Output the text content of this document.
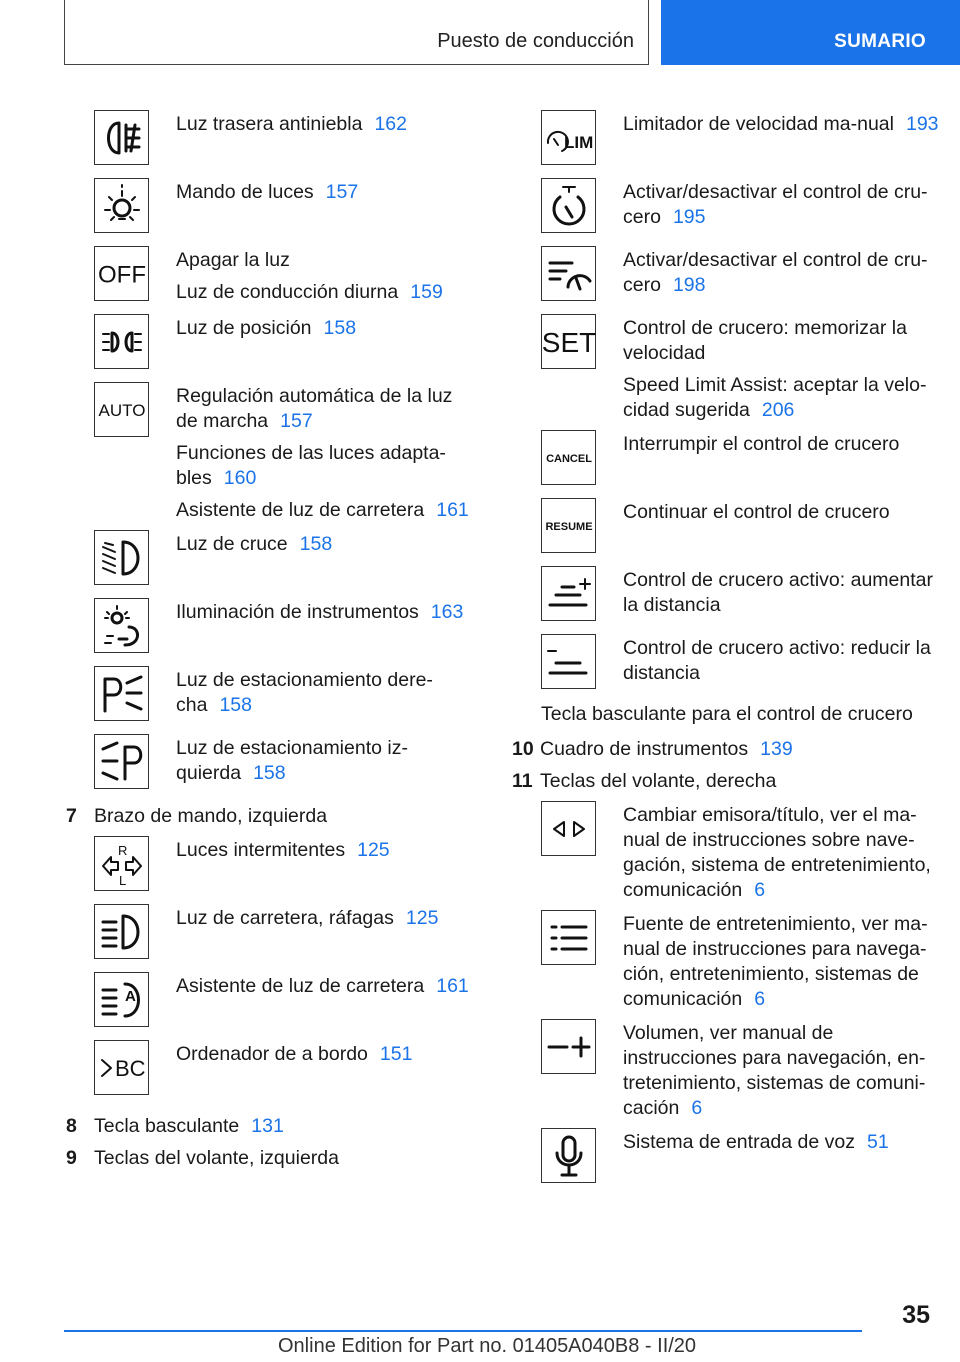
Puesto de conducción	SUMARIO
Luz trasera antiniebla 162
Mando de luces 157
OFF
Apagar la luz
Luz de conducción diurna 159
Luz de posición 158
AUTO
Regulación automática de la luz de marcha 157
Funciones de las luces adapta-bles 160
Asistente de luz de carretera 161
Luz de cruce 158
Iluminación de instrumentos 163
Luz de estacionamiento dere-cha 158
Luz de estacionamiento iz-quierda 158
7 Brazo de mando, izquierda
Luces intermitentes 125
Luz de carretera, ráfagas 125
Asistente de luz de carretera 161
BC
Ordenador de a bordo 151
8 Tecla basculante 131
9 Teclas del volante, izquierda
LIM
Limitador de velocidad ma-nual 193
Activar/desactivar el control de cru-cero 195
Activar/desactivar el control de cru-cero 198
SET Control de crucero: memorizar la velocidad
Speed Limit Assist: aceptar la velo-cidad sugerida 206
CANCEL
Interrumpir el control de crucero
RESUME
Continuar el control de crucero
Control de crucero activo: aumentar la distancia
Control de crucero activo: reducir la distancia
Tecla basculante para el control de crucero
10 Cuadro de instrumentos 139
11 Teclas del volante, derecha
Cambiar emisora/título, ver el ma-nual de instrucciones sobre nave-gación, sistema de entretenimiento, comunicación 6
Fuente de entretenimiento, ver ma-nual de instrucciones para navega-ción, entretenimiento, sistemas de comunicación 6
Volumen, ver manual de instrucciones para navegación, en-tretenimiento, sistemas de comuni-cación 6
Sistema de entrada de voz 51
35
Online Edition for Part no. 01405A040B8 - II/20
